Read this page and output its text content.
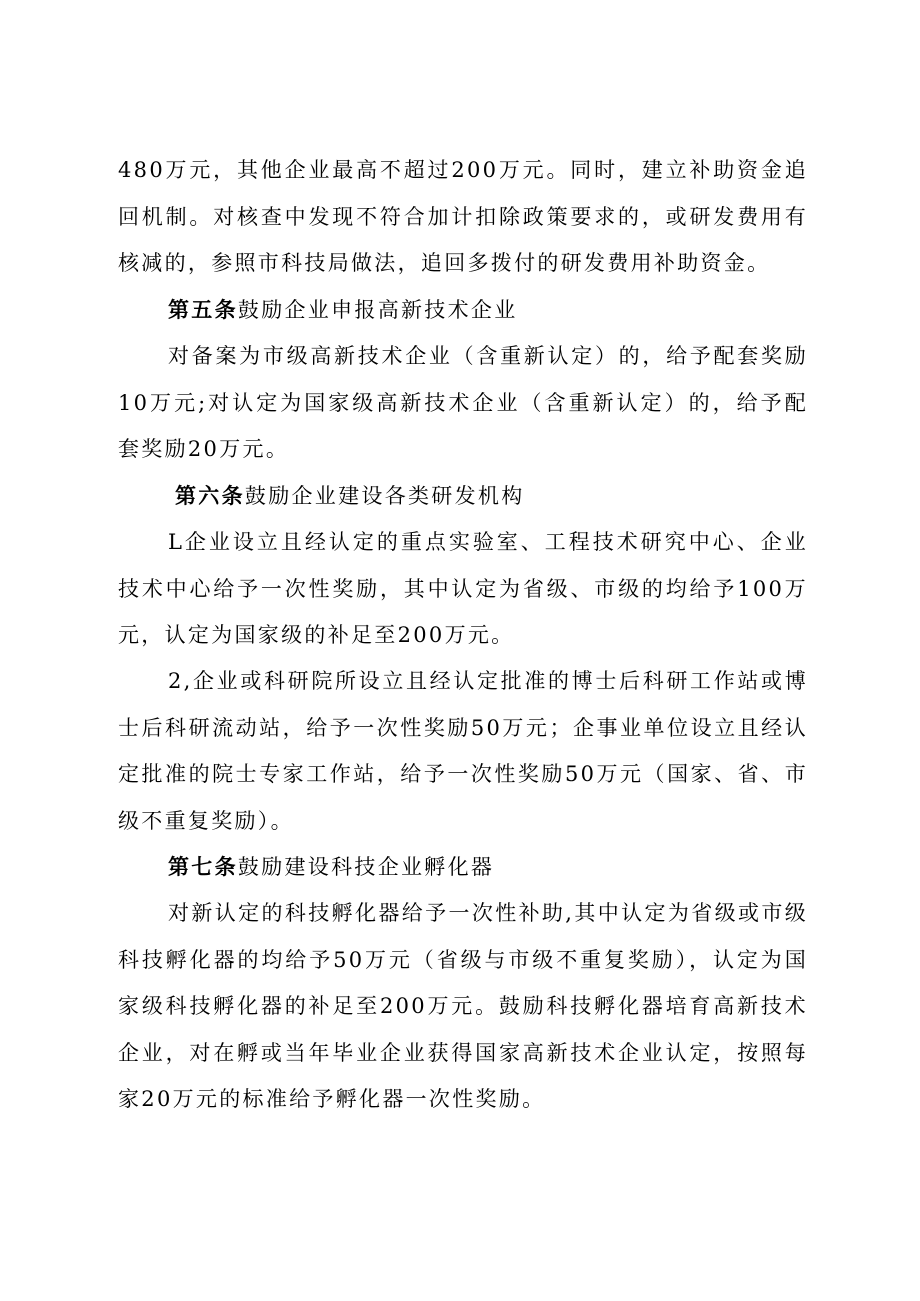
480万元，其他企业最高不超过200万元。同时，建立补助资金追回机制。对核查中发现不符合加计扣除政策要求的，或研发费用有核减的，参照市科技局做法，追回多拨付的研发费用补助资金。

第五条鼓励企业申报高新技术企业

对备案为市级高新技术企业（含重新认定）的，给予配套奖励10万元;对认定为国家级高新技术企业（含重新认定）的，给予配套奖励20万元。

第六条鼓励企业建设各类研发机构

L企业设立且经认定的重点实验室、工程技术研究中心、企业技术中心给予一次性奖励，其中认定为省级、市级的均给予100万元，认定为国家级的补足至200万元。

2,企业或科研院所设立且经认定批准的博士后科研工作站或博士后科研流动站，给予一次性奖励50万元；企事业单位设立且经认定批准的院士专家工作站，给予一次性奖励50万元（国家、省、市级不重复奖励）。

第七条鼓励建设科技企业孵化器

对新认定的科技孵化器给予一次性补助,其中认定为省级或市级科技孵化器的均给予50万元（省级与市级不重复奖励），认定为国家级科技孵化器的补足至200万元。鼓励科技孵化器培育高新技术企业，对在孵或当年毕业企业获得国家高新技术企业认定，按照每家20万元的标准给予孵化器一次性奖励。
